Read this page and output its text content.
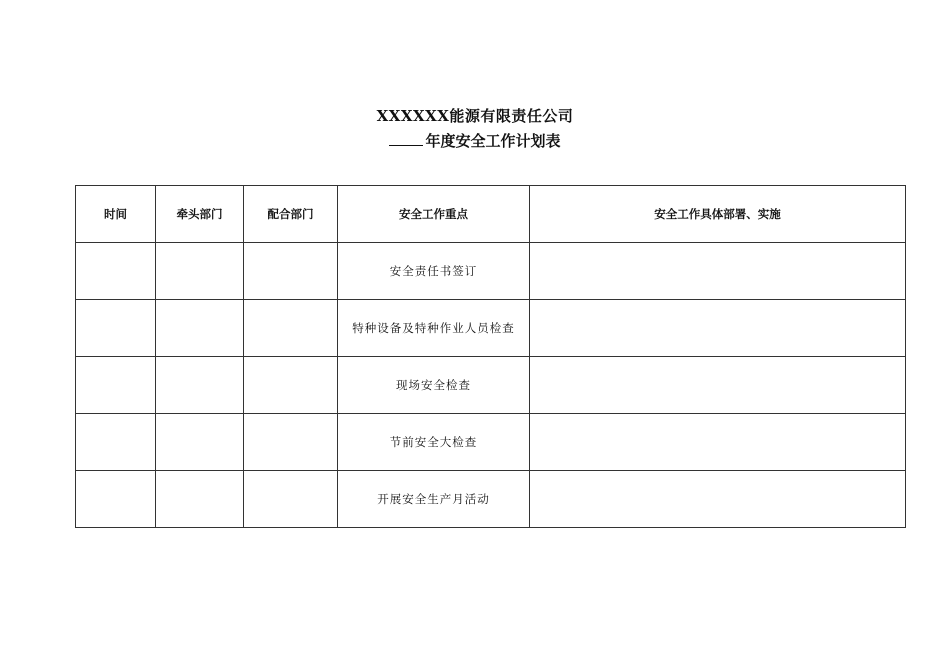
XXXXXX能源有限责任公司
年度安全工作计划表
时间	牵头部门	配合部门	安全工作重点	安全工作具体部署、实施
			安全责任书签订	
			特种设备及特种作业人员检查	
			现场安全检查	
			节前安全大检查	
			开展安全生产月活动	
